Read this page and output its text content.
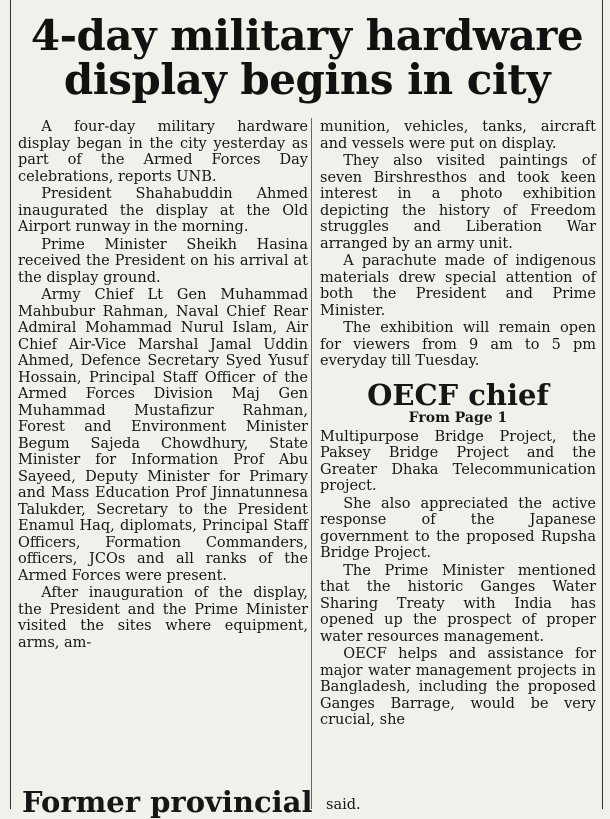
4-day military hardware display begins in city

A four-day military hardware display began in the city yesterday as part of the Armed Forces Day celebrations, reports UNB.

President Shahabuddin Ahmed inaugurated the display at the Old Airport runway in the morning.

Prime Minister Sheikh Hasina received the President on his arrival at the display ground.

Army Chief Lt Gen Muhammad Mahbubur Rahman, Naval Chief Rear Admiral Mohammad Nurul Islam, Air Chief Air-Vice Marshal Jamal Uddin Ahmed, Defence Secretary Syed Yusuf Hossain, Principal Staff Officer of the Armed Forces Division Maj Gen Muhammad Mustafizur Rahman, Forest and Environment Minister Begum Sajeda Chowdhury, State Minister for Information Prof Abu Sayeed, Deputy Minister for Primary and Mass Education Prof Jinnatunnesa Talukder, Secretary to the President Enamul Haq, diplomats, Principal Staff Officers, Formation Commanders, officers, JCOs and all ranks of the Armed Forces were present.

After inauguration of the display, the President and the Prime Minister visited the sites where equipment, arms, am-

munition, vehicles, tanks, aircraft and vessels were put on display.

They also visited paintings of seven Birshresthos and took keen interest in a photo exhibition depicting the history of Freedom struggles and Liberation War arranged by an army unit.

A parachute made of indigenous materials drew special attention of both the President and Prime Minister.

The exhibition will remain open for viewers from 9 am to 5 pm everyday till Tuesday.

OECF chief
From Page 1

Multipurpose Bridge Project, the Paksey Bridge Project and the Greater Dhaka Telecommunication project.

She also appreciated the active response of the Japanese government to the proposed Rupsha Bridge Project.

The Prime Minister mentioned that the historic Ganges Water Sharing Treaty with India has opened up the prospect of proper water resources management.

OECF helps and assistance for major water management projects in Bangladesh, including the proposed Ganges Barrage, would be very crucial, she

said.
Former provincial
